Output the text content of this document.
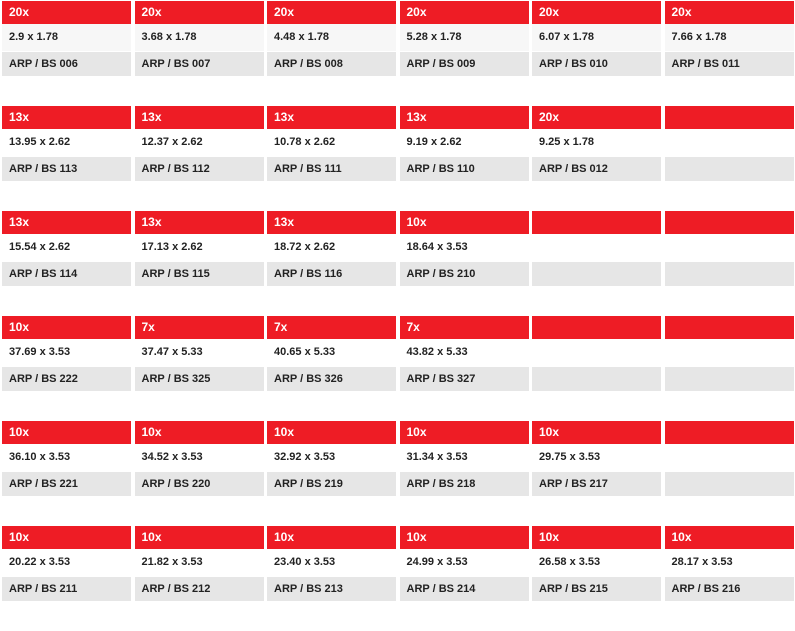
20x
2.9 x 1.78
ARP / BS 006
20x
3.68 x 1.78
ARP / BS 007
20x
4.48 x 1.78
ARP / BS 008
20x
5.28 x 1.78
ARP / BS 009
20x
6.07 x 1.78
ARP / BS 010
20x
7.66 x 1.78
ARP / BS 011
13x
13.95 x 2.62
ARP / BS 113
13x
12.37 x 2.62
ARP / BS 112
13x
10.78 x 2.62
ARP / BS 111
13x
9.19 x 2.62
ARP / BS 110
20x
9.25 x 1.78
ARP / BS 012
13x
15.54 x 2.62
ARP / BS 114
13x
17.13 x 2.62
ARP / BS 115
13x
18.72 x 2.62
ARP / BS 116
10x
18.64 x 3.53
ARP / BS 210
10x
37.69 x 3.53
ARP / BS 222
7x
37.47 x 5.33
ARP / BS 325
7x
40.65 x 5.33
ARP / BS 326
7x
43.82 x 5.33
ARP / BS 327
10x
36.10 x 3.53
ARP / BS 221
10x
34.52 x 3.53
ARP / BS 220
10x
32.92 x 3.53
ARP / BS 219
10x
31.34 x 3.53
ARP / BS 218
10x
29.75 x 3.53
ARP / BS 217
10x
20.22 x 3.53
ARP / BS 211
10x
21.82 x 3.53
ARP / BS 212
10x
23.40 x 3.53
ARP / BS 213
10x
24.99 x 3.53
ARP / BS 214
10x
26.58 x 3.53
ARP / BS 215
10x
28.17 x 3.53
ARP / BS 216
